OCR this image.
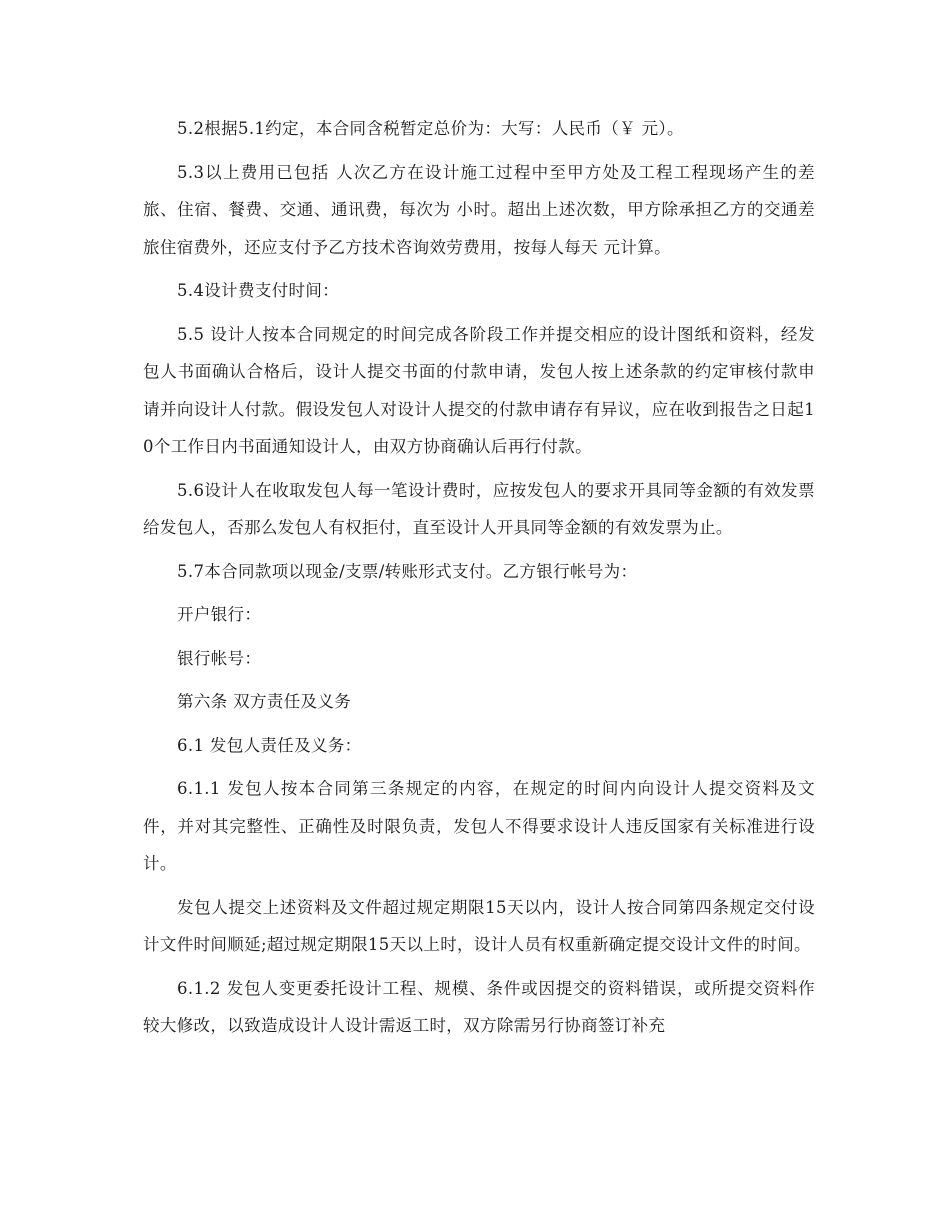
5.2根据5.1约定，本合同含税暂定总价为：大写：人民币（￥ 元）。

5.3以上费用已包括 人次乙方在设计施工过程中至甲方处及工程工程现场产生的差旅、住宿、餐费、交通、通讯费，每次为 小时。超出上述次数，甲方除承担乙方的交通差旅住宿费外，还应支付予乙方技术咨询效劳费用，按每人每天 元计算。

5.4设计费支付时间：

5.5 设计人按本合同规定的时间完成各阶段工作并提交相应的设计图纸和资料，经发包人书面确认合格后，设计人提交书面的付款申请，发包人按上述条款的约定审核付款申请并向设计人付款。假设发包人对设计人提交的付款申请存有异议，应在收到报告之日起10个工作日内书面通知设计人，由双方协商确认后再行付款。

5.6设计人在收取发包人每一笔设计费时，应按发包人的要求开具同等金额的有效发票给发包人，否那么发包人有权拒付，直至设计人开具同等金额的有效发票为止。

5.7本合同款项以现金/支票/转账形式支付。乙方银行帐号为：

开户银行：

银行帐号：

第六条 双方责任及义务

6.1 发包人责任及义务：

6.1.1 发包人按本合同第三条规定的内容，在规定的时间内向设计人提交资料及文件，并对其完整性、正确性及时限负责，发包人不得要求设计人违反国家有关标准进行设计。

发包人提交上述资料及文件超过规定期限15天以内，设计人按合同第四条规定交付设计文件时间顺延;超过规定期限15天以上时，设计人员有权重新确定提交设计文件的时间。

6.1.2 发包人变更委托设计工程、规模、条件或因提交的资料错误，或所提交资料作较大修改，以致造成设计人设计需返工时，双方除需另行协商签订补充
